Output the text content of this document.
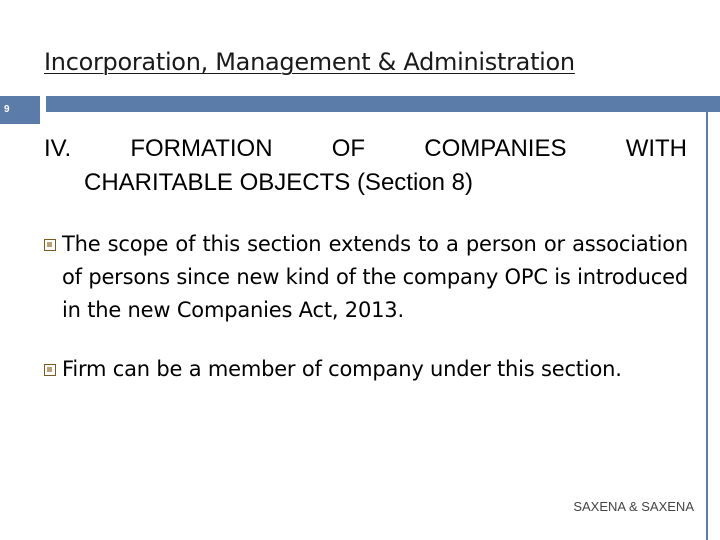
Incorporation, Management & Administration
9
IV. FORMATION OF COMPANIES WITH
CHARITABLE OBJECTS (Section 8)
The scope of this section extends to a person or association of persons since new kind of the company OPC is introduced in the new Companies Act, 2013.
Firm can be a member of company under this section.
SAXENA & SAXENA
